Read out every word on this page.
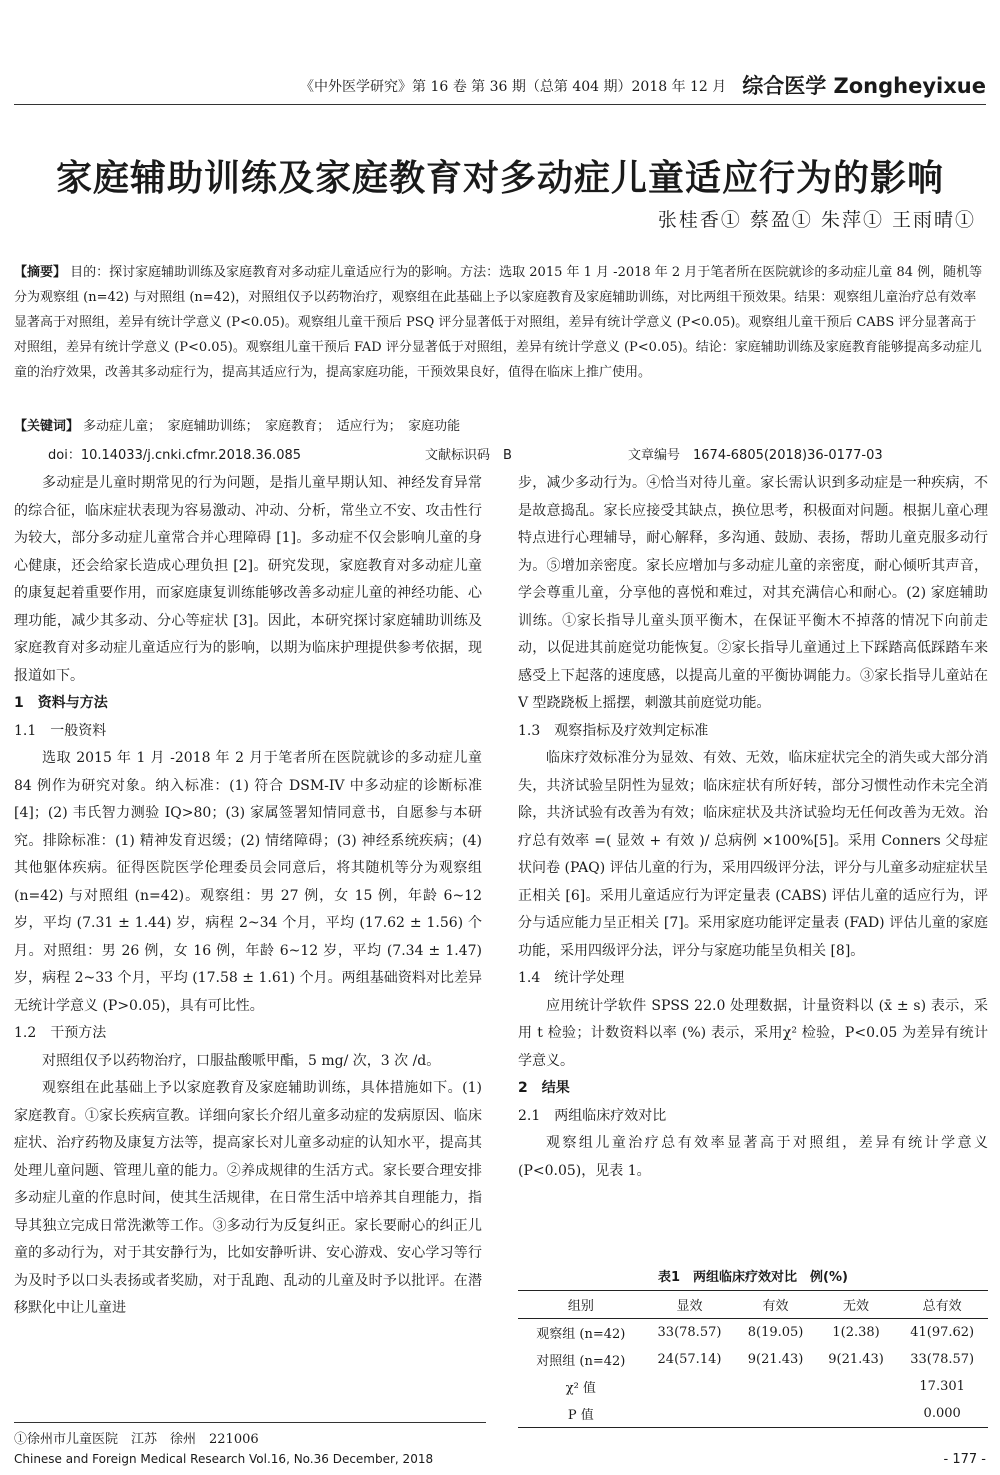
《中外医学研究》第 16 卷 第 36 期（总第 404 期）2018 年 12 月 综合医学 Zongheyixue
家庭辅助训练及家庭教育对多动症儿童适应行为的影响
张桂香① 蔡盈① 朱萍① 王雨晴①
【摘要】 目的：探讨家庭辅助训练及家庭教育对多动症儿童适应行为的影响。方法：选取 2015 年 1 月 -2018 年 2 月于笔者所在医院就诊的多动症儿童 84 例，随机等分为观察组 (n=42) 与对照组 (n=42)，对照组仅予以药物治疗，观察组在此基础上予以家庭教育及家庭辅助训练，对比两组干预效果。结果：观察组儿童治疗总有效率显著高于对照组，差异有统计学意义 (P<0.05)。观察组儿童干预后 PSQ 评分显著低于对照组，差异有统计学意义 (P<0.05)。观察组儿童干预后 CABS 评分显著高于对照组，差异有统计学意义 (P<0.05)。观察组儿童干预后 FAD 评分显著低于对照组，差异有统计学意义 (P<0.05)。结论：家庭辅助训练及家庭教育能够提高多动症儿童的治疗效果，改善其多动症行为，提高其适应行为，提高家庭功能，干预效果良好，值得在临床上推广使用。
【关键词】 多动症儿童；　家庭辅助训练；　家庭教育；　适应行为；　家庭功能
doi：10.14033/j.cnki.cfmr.2018.36.085	文献标识码　B	文章编号　1674-6805(2018)36-0177-03

多动症是儿童时期常见的行为问题，是指儿童早期认知、神经发育异常的综合征，临床症状表现为容易激动、冲动、分析，常坐立不安、攻击性行为较大，部分多动症儿童常合并心理障碍 [1]。多动症不仅会影响儿童的身心健康，还会给家长造成心理负担 [2]。研究发现，家庭教育对多动症儿童的康复起着重要作用，而家庭康复训练能够改善多动症儿童的神经功能、心理功能，减少其多动、分心等症状 [3]。因此，本研究探讨家庭辅助训练及家庭教育对多动症儿童适应行为的影响，以期为临床护理提供参考依据，现报道如下。

1　资料与方法
1.1　一般资料

选取 2015 年 1 月 -2018 年 2 月于笔者所在医院就诊的多动症儿童 84 例作为研究对象。纳入标准：(1) 符合 DSM-IV 中多动症的诊断标准 [4]；(2) 韦氏智力测验 IQ>80；(3) 家属签署知情同意书，自愿参与本研究。排除标准：(1) 精神发育迟缓；(2) 情绪障碍；(3) 神经系统疾病；(4) 其他躯体疾病。征得医院医学伦理委员会同意后，将其随机等分为观察组 (n=42) 与对照组 (n=42)。观察组：男 27 例，女 15 例，年龄 6~12 岁，平均 (7.31 ± 1.44) 岁，病程 2~34 个月，平均 (17.62 ± 1.56) 个月。对照组：男 26 例，女 16 例，年龄 6~12 岁，平均 (7.34 ± 1.47) 岁，病程 2~33 个月，平均 (17.58 ± 1.61) 个月。两组基础资料对比差异无统计学意义 (P>0.05)，具有可比性。

1.2　干预方法

对照组仅予以药物治疗，口服盐酸哌甲酯，5 mg/ 次，3 次 /d。

观察组在此基础上予以家庭教育及家庭辅助训练，具体措施如下。(1) 家庭教育。①家长疾病宣教。详细向家长介绍儿童多动症的发病原因、临床症状、治疗药物及康复方法等，提高家长对儿童多动症的认知水平，提高其处理儿童问题、管理儿童的能力。②养成规律的生活方式。家长要合理安排多动症儿童的作息时间，使其生活规律，在日常生活中培养其自理能力，指导其独立完成日常洗漱等工作。③多动行为反复纠正。家长要耐心的纠正儿童的多动行为，对于其安静行为，比如安静听讲、安心游戏、安心学习等行为及时予以口头表扬或者奖励，对于乱跑、乱动的儿童及时予以批评。在潜移默化中让儿童进

步，减少多动行为。④恰当对待儿童。家长需认识到多动症是一种疾病，不是故意捣乱。家长应接受其缺点，换位思考，积极面对问题。根据儿童心理特点进行心理辅导，耐心解释，多沟通、鼓励、表扬，帮助儿童克服多动行为。⑤增加亲密度。家长应增加与多动症儿童的亲密度，耐心倾听其声音，学会尊重儿童，分享他的喜悦和难过，对其充满信心和耐心。(2) 家庭辅助训练。①家长指导儿童头顶平衡木，在保证平衡木不掉落的情况下向前走动，以促进其前庭觉功能恢复。②家长指导儿童通过上下踩踏高低踩踏车来感受上下起落的速度感，以提高儿童的平衡协调能力。③家长指导儿童站在 V 型跷跷板上摇摆，刺激其前庭觉功能。

1.3　观察指标及疗效判定标准

临床疗效标准分为显效、有效、无效，临床症状完全的消失或大部分消失，共济试验呈阴性为显效；临床症状有所好转，部分习惯性动作未完全消除，共济试验有改善为有效；临床症状及共济试验均无任何改善为无效。治疗总有效率 =( 显效 + 有效 )/ 总病例 ×100%[5]。采用 Conners 父母症状问卷 (PAQ) 评估儿童的行为，采用四级评分法，评分与儿童多动症症状呈正相关 [6]。采用儿童适应行为评定量表 (CABS) 评估儿童的适应行为，评分与适应能力呈正相关 [7]。采用家庭功能评定量表 (FAD) 评估儿童的家庭功能，采用四级评分法，评分与家庭功能呈负相关 [8]。

1.4　统计学处理

应用统计学软件 SPSS 22.0 处理数据，计量资料以 (x̄ ± s) 表示，采用 t 检验；计数资料以率 (%) 表示，采用χ² 检验，P<0.05 为差异有统计学意义。

2　结果
2.1　两组临床疗效对比

观察组儿童治疗总有效率显著高于对照组，差异有统计学意义 (P<0.05)，见表 1。

表1　两组临床疗效对比　例(%)
组别	显效	有效	无效	总有效
观察组 (n=42)	33(78.57)	8(19.05)	1(2.38)	41(97.62)
对照组 (n=42)	24(57.14)	9(21.43)	9(21.43)	33(78.57)
χ² 值				17.301
P 值				0.000
①徐州市儿童医院　江苏　徐州　221006
Chinese and Foreign Medical Research Vol.16, No.36 December, 2018	- 177 -
